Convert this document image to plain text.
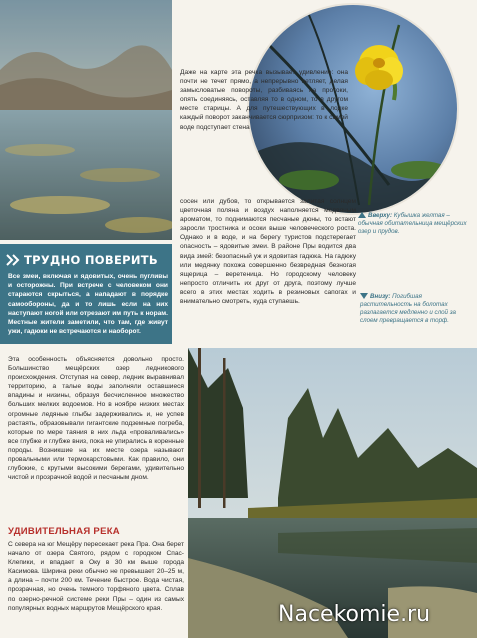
Даже на карте эта речка вызывает удивление: она почти не течет прямо, а непрерывно петляет, делая замысловатые повороты, разбиваясь на протоки, опять соединяясь, оставляя то в одном, то в другом месте старицы. А для путешествующих в лодке каждый поворот заканчивается сюрпризом: то к самой воде подступает стена

сосен или дубов, то открывается залитая солнцем цветочная поляна и воздух наполняется медвяным ароматом, то поднимаются песчаные дюны, то встают заросли тростника и осоки выше человеческого роста. Однако и в воде, и на берегу туристов подстерегает опасность – ядовитые змеи. В районе Пры водится два вида змей: безопасный уж и ядовитая гадюка. На гадюку или медянку похожа совершенно безвредная безногая ящерица – веретеница. Но городскому человеку непросто отличить их друг от друга, поэтому лучше всего в этих местах ходить в резиновых сапогах и внимательно смотреть, куда ступаешь.

Вверху: Кубышка желтая – обычная обитательница мещёрских озер и прудов.

Внизу: Погибшая растительность на болотах разлагается медленно и слой за слоем превращается в торф.

ТРУДНО ПОВЕРИТЬ

Все змеи, включая и ядовитых, очень пугливы и осторожны. При встрече с человеком они стараются скрыться, а нападают в порядке самообороны, да и то лишь если на них наступают ногой или отрезают им путь к норам. Местные жители заметили, что там, где живут ужи, гадюки не встречаются и наоборот.

Эта особенность объясняется довольно просто. Большинство мещёрских озер ледникового происхождения. Отступая на север, ледник выравнивал территорию, а талые воды заполняли оставшиеся впадины и низины, образуя бесчисленное множество больших мелких водоемов. Но в ноябре низких местах огромные ледяные глыбы задерживались и, не успев растаять, образовывали гигантские подземные погреба, которые по мере таяния в них льда «проваливались» все глубже и глубже вниз, пока не упирались в коренные породы. Возникшие на их месте озера называют провальными или термокарстовыми. Как правило, они глубокие, с крутыми высокими берегами, удивительно чистой и прозрачной водой и песчаным дном.

УДИВИТЕЛЬНАЯ РЕКА

С севера на юг Мещёру пересекает река Пра. Она берет начало от озера Святого, рядом с городком Спас-Клепики, и впадает в Оку в 30 км выше города Касимова. Ширина реки обычно не превышает 20–25 м, а длина – почти 200 км. Течение быстрое. Вода чистая, прозрачная, но очень темного торфяного цвета. Сплав по озерно-речной системе реки Пры – один из самых популярных водных маршрутов Мещёрского края.	Nacekomie.ru
